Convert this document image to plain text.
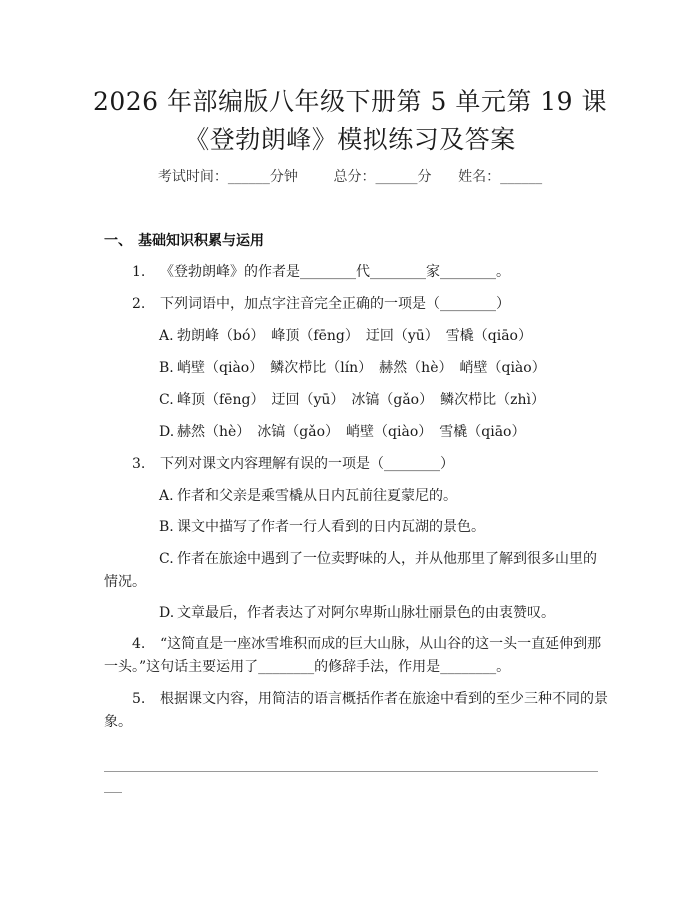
2026 年部编版八年级下册第 5 单元第 19 课
《登勃朗峰》模拟练习及答案
考试时间：______分钟	总分：______分 姓名：______
一、 基础知识积累与运用
1. 《登勃朗峰》的作者是________代________家________。
2. 下列词语中，加点字注音完全正确的一项是（________）
A. 勃朗峰（bó）　峰顶（fēng）　迂回（yū）　雪橇（qiāo）
B. 峭壁（qiào）　鳞次栉比（lín）　赫然（hè）　峭壁（qiào）
C. 峰顶（fēng）　迂回（yū）　冰镐（gǎo）　鳞次栉比（zhì）
D. 赫然（hè）　冰镐（gǎo）　峭壁（qiào）　雪橇（qiāo）
3. 下列对课文内容理解有误的一项是（________）
A. 作者和父亲是乘雪橇从日内瓦前往夏蒙尼的。
B. 课文中描写了作者一行人看到的日内瓦湖的景色。
C. 作者在旅途中遇到了一位卖野味的人，并从他那里了解到很多山里的
情况。
D. 文章最后，作者表达了对阿尔卑斯山脉壮丽景色的由衷赞叹。
4. “这简直是一座冰雪堆积而成的巨大山脉，从山谷的这一头一直延伸到那
一头。”这句话主要运用了________的修辞手法，作用是________。
5. 根据课文内容，用简洁的语言概括作者在旅途中看到的至少三种不同的景
象。
